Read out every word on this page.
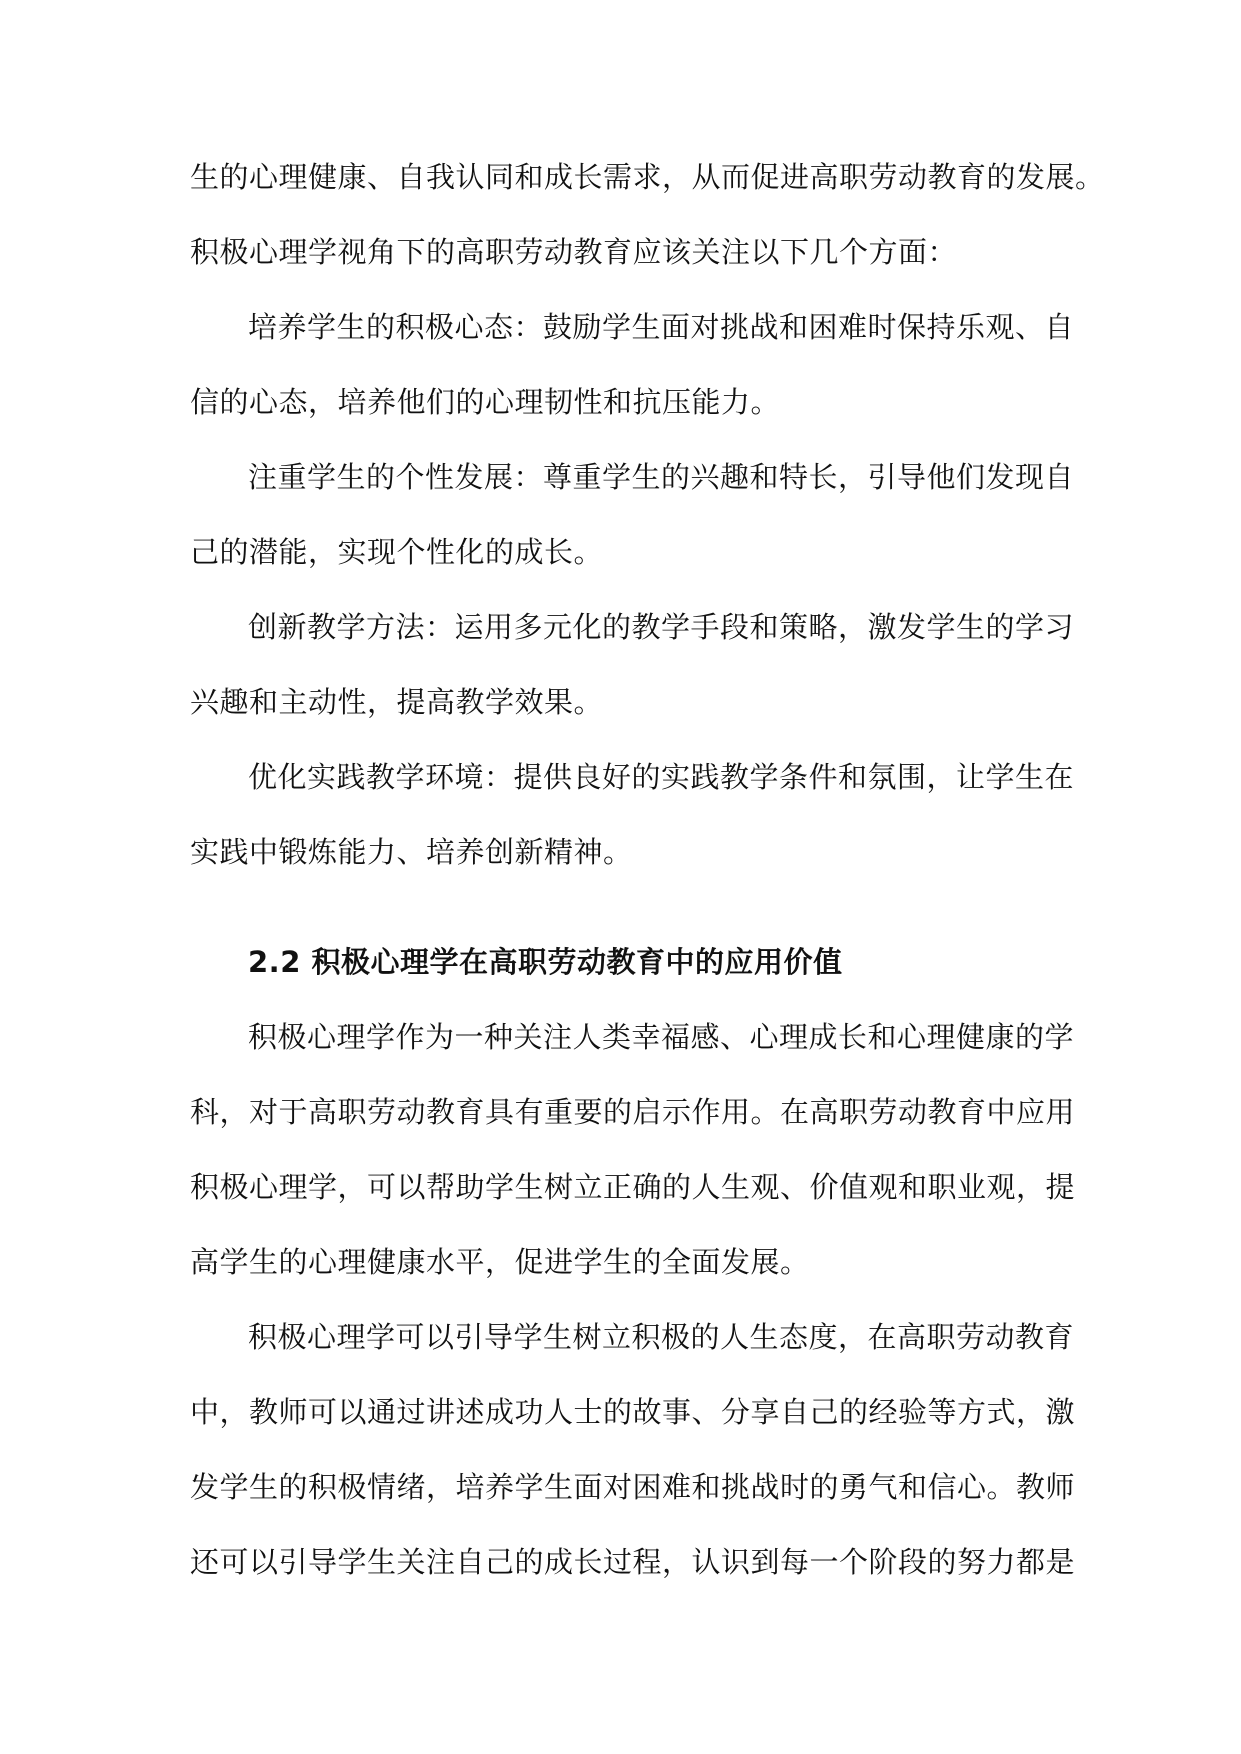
生的心理健康、自我认同和成长需求，从而促进高职劳动教育的发展。
积极心理学视角下的高职劳动教育应该关注以下几个方面：
培养学生的积极心态：鼓励学生面对挑战和困难时保持乐观、自
信的心态，培养他们的心理韧性和抗压能力。
注重学生的个性发展：尊重学生的兴趣和特长，引导他们发现自
己的潜能，实现个性化的成长。
创新教学方法：运用多元化的教学手段和策略，激发学生的学习
兴趣和主动性，提高教学效果。
优化实践教学环境：提供良好的实践教学条件和氛围，让学生在
实践中锻炼能力、培养创新精神。
2.2 积极心理学在高职劳动教育中的应用价值
积极心理学作为一种关注人类幸福感、心理成长和心理健康的学
科，对于高职劳动教育具有重要的启示作用。在高职劳动教育中应用
积极心理学，可以帮助学生树立正确的人生观、价值观和职业观，提
高学生的心理健康水平，促进学生的全面发展。
积极心理学可以引导学生树立积极的人生态度，在高职劳动教育
中，教师可以通过讲述成功人士的故事、分享自己的经验等方式，激
发学生的积极情绪，培养学生面对困难和挑战时的勇气和信心。教师
还可以引导学生关注自己的成长过程，认识到每一个阶段的努力都是
